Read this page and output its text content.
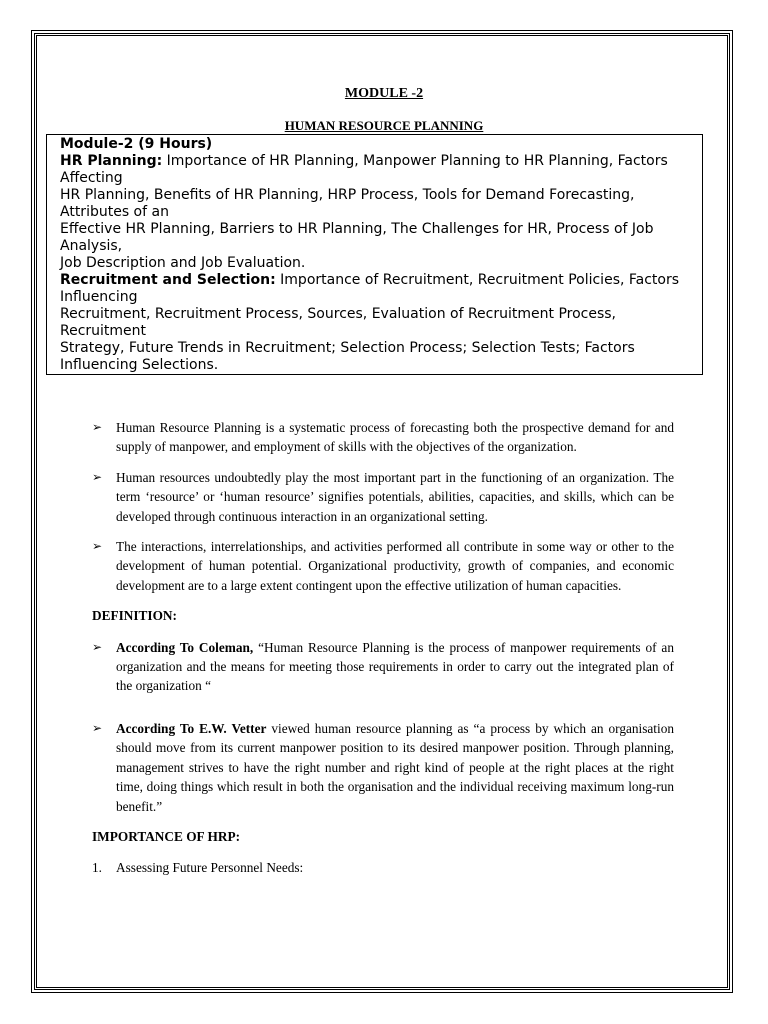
MODULE -2
HUMAN RESOURCE PLANNING

Module-2 (9 Hours)

HR Planning: Importance of HR Planning, Manpower Planning to HR Planning, Factors Affecting

HR Planning, Benefits of HR Planning, HRP Process, Tools for Demand Forecasting, Attributes of an

Effective HR Planning, Barriers to HR Planning, The Challenges for HR, Process of Job Analysis,

Job Description and Job Evaluation.

Recruitment and Selection: Importance of Recruitment, Recruitment Policies, Factors Influencing

Recruitment, Recruitment Process, Sources, Evaluation of Recruitment Process, Recruitment

Strategy, Future Trends in Recruitment; Selection Process; Selection Tests; Factors Influencing Selections.

➢ Human Resource Planning is a systematic process of forecasting both the prospective demand for and supply of manpower, and employment of skills with the objectives of the organization.
➢ Human resources undoubtedly play the most important part in the functioning of an organization. The term ‘resource’ or ‘human resource’ signifies potentials, abilities, capacities, and skills, which can be developed through continuous interaction in an organizational setting.
➢ The interactions, interrelationships, and activities performed all contribute in some way or other to the development of human potential. Organizational productivity, growth of companies, and economic development are to a large extent contingent upon the effective utilization of human capacities.
DEFINITION:
➢ According To Coleman, “Human Resource Planning is the process of manpower requirements of an organization and the means for meeting those requirements in order to carry out the integrated plan of the organization “
➢ According To E.W. Vetter viewed human resource planning as “a process by which an organisation should move from its current manpower position to its desired manpower position. Through planning, management strives to have the right number and right kind of people at the right places at the right time, doing things which result in both the organisation and the individual receiving maximum long-run benefit.”
IMPORTANCE OF HRP:
1. Assessing Future Personnel Needs:
